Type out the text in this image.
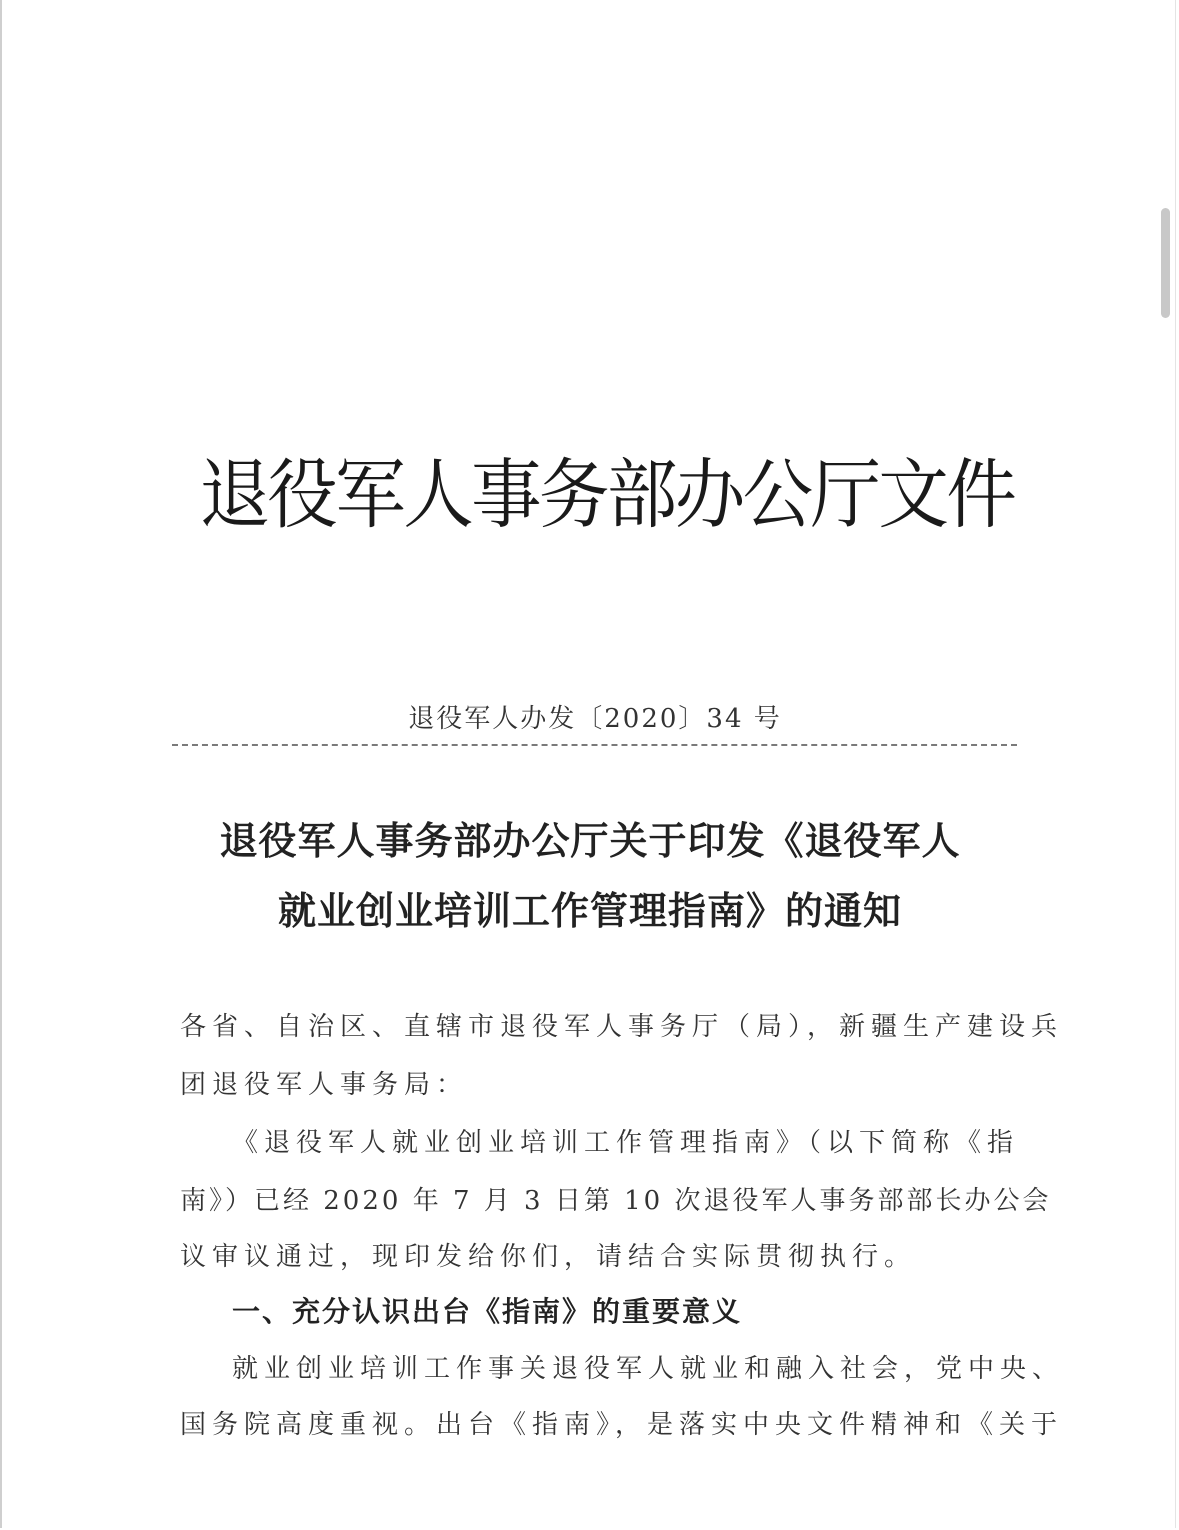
退役军人事务部办公厅文件
退役军人办发〔2020〕34 号
退役军人事务部办公厅关于印发《退役军人
就业创业培训工作管理指南》的通知
各省、自治区、直辖市退役军人事务厅（局），新疆生产建设兵
团退役军人事务局：
《退役军人就业创业培训工作管理指南》（以下简称《指
南》）已经 2020 年 7 月 3 日第 10 次退役军人事务部部长办公会
议审议通过，现印发给你们，请结合实际贯彻执行。
一、充分认识出台《指南》的重要意义
就业创业培训工作事关退役军人就业和融入社会，党中央、
国务院高度重视。出台《指南》，是落实中央文件精神和《关于
